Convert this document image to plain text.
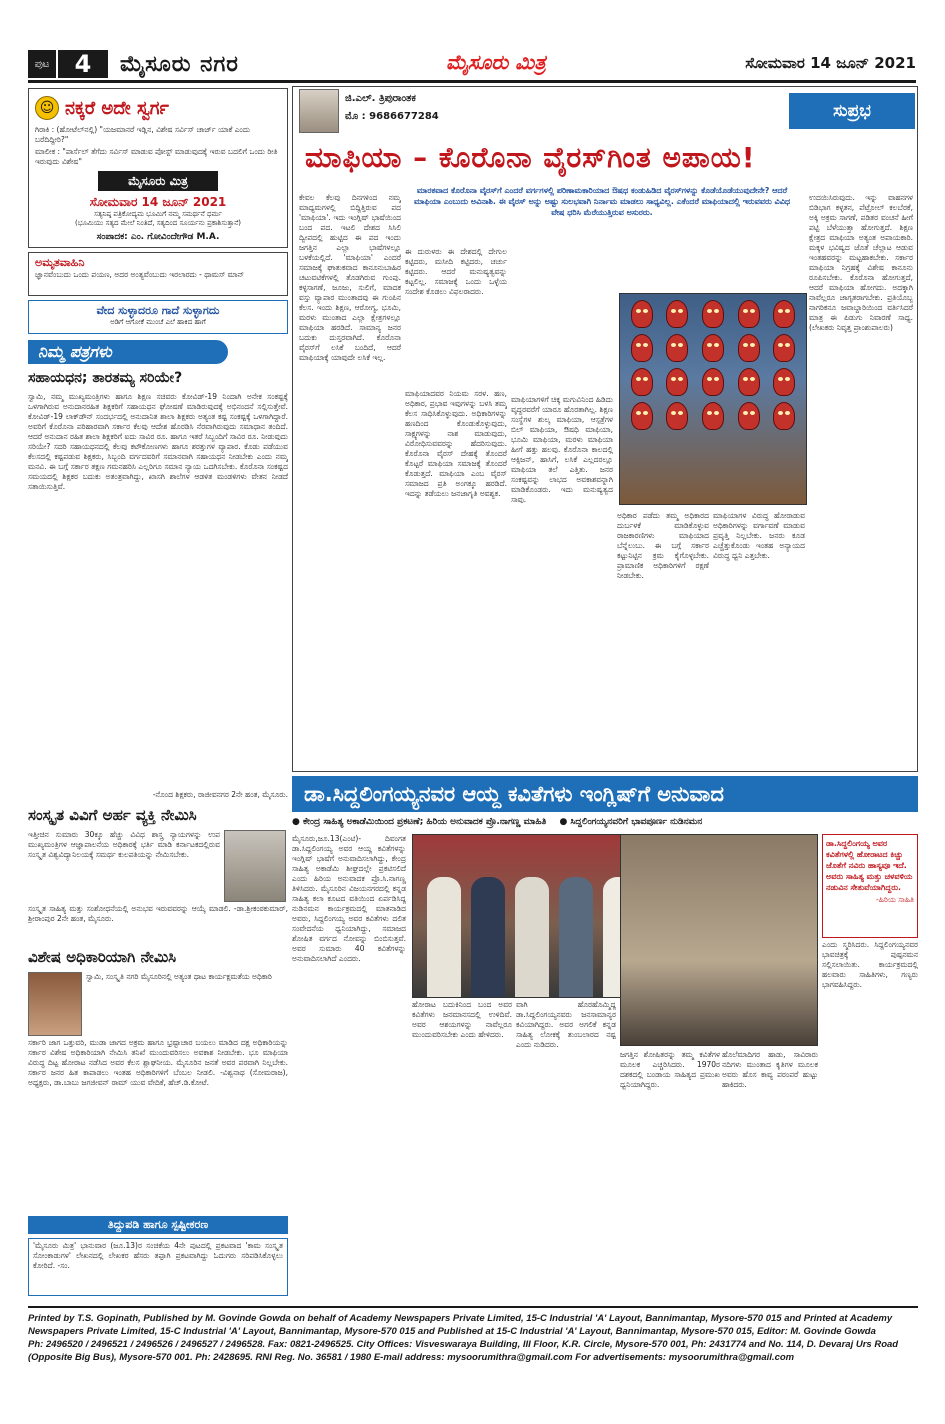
ಪುಟ	4	ಮೈಸೂರು ನಗರ	ಮೈಸೂರು ಮಿತ್ರ	ಸೋಮವಾರ 14 ಜೂನ್ 2021
☺ ನಕ್ಕರೆ ಅದೇ ಸ್ವರ್ಗ
ಗಿರಾಕಿ : (ಹೋಟೆಲ್‌ನಲ್ಲಿ) "ಯಜಮಾನರೆ ಇಡ್ಲಿನ, ವಿಶೇಷ ಸರ್ವಿಸ್ ಚಾರ್ಜ್ ಯಾಕೆ ಎಂದು ಬರೆದಿದ್ದೀರಿ?"
ಮಾಲೀಕ : "ಪಾರ್ಸೆಲ್ ತೆಗೆದು ಸರ್ವಿಸ್ ಮಾಡುವ ಪೋಸ್ಟ್ ಮಾಡುವುದಕ್ಕೆ ಇರುವ ಬದಲಿಗೆ ಒಂದು ರೀತಿ ಇರುವುದು ವಿಶೇಷ"
ಮೈಸೂರು ಮಿತ್ರ
ಸೋಮವಾರ 14 ಜೂನ್ 2021
ಸತ್ಯನಿಷ್ಠ ಪತ್ರಿಕೋದ್ಯಮ ಭೂಮಿಗೆ ನಮ್ಮ ಸಮರ್ಥನೆ ಧರ್ಮ
(ಭೂಮಿಯು ಸತ್ಯದ ಮೇಲೆ ನಿಂತಿದೆ, ಸತ್ಯದಿಂದ ಸೂರ್ಯನು ಪ್ರಕಾಶಿಸುತ್ತಾನೆ)
ಸಂಪಾದಕ: ಎಂ. ಗೋವಿಂದೇಗೌಡ M.A.
ಅಮೃತವಾಹಿನಿ
ಜ್ಞಾನವೆಂಬುದು ಒಂದು ಪಯಣ, ಅದರ ಅಂತ್ಯವೆಂಬುದು ಇರಲಾರದು - ಥಾಮಸ್ ಮಾನ್
ವೇದ ಸುಳ್ಳಾದರೂ ಗಾದೆ ಸುಳ್ಳಾಗದು
ಅಡಿಗೆ ಆಗೋಕೆ ಮುಂಚೆ ಎಲೆ ಹಾಕಿದ ಹಾಗೆ
ನಿಮ್ಮ ಪತ್ರಗಳು
ಸಹಾಯಧನ; ತಾರತಮ್ಯ ಸರಿಯೇ?
ಸ್ವಾಮಿ, ನಮ್ಮ ಮುಖ್ಯಮಂತ್ರಿಗಳು ಹಾಗೂ ಶಿಕ್ಷಣ ಸಚಿವರು ಕೋವಿಡ್-19 ನಿಂದಾಗಿ ಅನೇಕ ಸಂಕಷ್ಟಕ್ಕೆ ಒಳಗಾಗಿರುವ ಅನುದಾನರಹಿತ ಶಿಕ್ಷಕರಿಗೆ ಸಹಾಯಧನ ಘೋಷಣೆ ಮಾಡಿರುವುದಕ್ಕೆ ಅಭಿನಂದನೆ ಸಲ್ಲಿಸುತ್ತೇವೆ. ಕೋವಿಡ್-19 ಲಾಕ್‌ಡೌನ್ ಸಂದರ್ಭದಲ್ಲಿ ಅನುದಾನಿತ ಶಾಲಾ ಶಿಕ್ಷಕರು ಅತ್ಯಂತ ಕಷ್ಟ ಸಂಕಷ್ಟಕ್ಕೆ ಒಳಗಾಗಿದ್ದಾರೆ. ಅವರಿಗೆ ಕೊರೊನಾ ಪರಿಹಾರವಾಗಿ ಸರ್ಕಾರ ಕೆಲವು ಆದೇಶ ಹೊರಡಿಸಿ ನೆರವಾಗಿರುವುದು ಸಮಾಧಾನ ತಂದಿದೆ. ಆದರೆ ಅನುದಾನ ರಹಿತ ಶಾಲಾ ಶಿಕ್ಷಕರಿಗೆ ಐದು ಸಾವಿರ ರೂ. ಹಾಗೂ ಇತರೆ ಸಿಬ್ಬಂದಿಗೆ ಸಾವಿರ ರೂ. ನೀಡುವುದು ಸರಿಯೇ? ಸದರಿ ಸಹಾಯಧನದಲ್ಲಿ ಕೆಲವು ಕಟೌಕೋಣಗಳು ಹಾಗೂ ಶರತ್ತುಗಳ ವ್ಯಾಪಾರ. ಕೊಡು ಪಡೆಯುವ ಕೆಲಸದಲ್ಲಿ ಕಷ್ಟಪಡುವ ಶಿಕ್ಷಕರು, ಸಿಬ್ಬಂದಿ ವರ್ಗದವರಿಗೆ ಸಮಾನವಾಗಿ ಸಹಾಯಧನ ನೀಡಬೇಕು ಎಂದು ನಮ್ಮ ಮನವಿ. ಈ ಬಗ್ಗೆ ಸರ್ಕಾರ ತಕ್ಷಣ ಗಮನಹರಿಸಿ ಎಲ್ಲರಿಗೂ ಸಮಾನ ನ್ಯಾಯ ಒದಗಿಸಬೇಕು. ಕೊರೊನಾ ಸಂಕಷ್ಟದ ಸಮಯದಲ್ಲಿ ಶಿಕ್ಷಕರ ಬದುಕು ಅತಂತ್ರವಾಗಿದ್ದು, ಖಾಸಗಿ ಶಾಲೆಗಳ ಆಡಳಿತ ಮಂಡಳಿಗಳು ವೇತನ ನೀಡದೆ ಸತಾಯಿಸುತ್ತಿವೆ.
-ನೊಂದ ಶಿಕ್ಷಕರು, ರಾಜೀವನಗರ 2ನೇ ಹಂತ, ಮೈಸೂರು.
ಸಂಸ್ಕೃತ ವಿವಿಗೆ ಅರ್ಹ ವ್ಯಕ್ತಿ ನೇಮಿಸಿ
ಇತ್ತೀಚಿನ ಸುಮಾರು 30ಕ್ಕೂ ಹೆಚ್ಚು ವಿವಿಧ ಶಾಸ್ತ್ರ ನ್ಯಾಯಗಳನ್ನು ಉಪ ಮುಖ್ಯಮಂತ್ರಿಗಳ ಆಜ್ಞಾಪಾಲನೆಯ ಅಧಿಕಾರಕ್ಕೆ ಭರ್ತಿ ಮಾಡಿ ಕರ್ನಾಟಕದಲ್ಲಿರುವ ಸಂಸ್ಕೃತ ವಿಶ್ವವಿದ್ಯಾನಿಲಯಕ್ಕೆ ಸಮರ್ಥ ಕುಲಪತಿಯನ್ನು ನೇಮಿಸಬೇಕು.
ಸಂಸ್ಕೃತ ಸಾಹಿತ್ಯ ಮತ್ತು ಸಂಶೋಧನೆಯಲ್ಲಿ ಅನುಭವ ಇರುವವರನ್ನು ಆಯ್ಕೆ ಮಾಡಲಿ. -ಡಾ.ಶ್ರೀಕಂಠಕುಮಾರ್, ಶ್ರೀರಾಂಪುರ 2ನೇ ಹಂತ, ಮೈಸೂರು.
ವಿಶೇಷ ಅಧಿಕಾರಿಯಾಗಿ ನೇಮಿಸಿ
ಸ್ವಾಮಿ, ಸಂಸ್ಕೃತಿ ನಗರಿ ಮೈಸೂರಿನಲ್ಲಿ ಅತ್ಯಂತ ಧಾಟ ಕಾರ್ಯಕ್ಷಮತೆಯ ಅಧಿಕಾರಿ
ಸರ್ಕಾರಿ ಜಾಗ ಒತ್ತುವರಿ, ಮುಡಾ ಜಾಗದ ಅಕ್ರಮ ಹಾಗೂ ಭ್ರಷ್ಟಾಚಾರ ಬಯಲು ಮಾಡಿದ ದಕ್ಷ ಅಧಿಕಾರಿಯನ್ನು ಸರ್ಕಾರ ವಿಶೇಷ ಅಧಿಕಾರಿಯಾಗಿ ನೇಮಿಸಿ ತನಿಖೆ ಮುಂದುವರಿಸಲು ಅವಕಾಶ ನೀಡಬೇಕು. ಭೂ ಮಾಫಿಯಾ ವಿರುದ್ಧ ದಿಟ್ಟ ಹೋರಾಟ ನಡೆಸಿದ ಅವರ ಕೆಲಸ ಶ್ಲಾಘನೀಯ. ಮೈಸೂರಿನ ಜನತೆ ಅವರ ಪರವಾಗಿ ನಿಲ್ಲಬೇಕು. ಸರ್ಕಾರ ಜನರ ಹಿತ ಕಾಪಾಡಲು ಇಂತಹ ಅಧಿಕಾರಿಗಳಿಗೆ ಬೆಂಬಲ ನೀಡಲಿ. -ವಿಶ್ವನಾಥ (ಸೋಮರಾಜ), ಅಧ್ಯಕ್ಷರು, ಡಾ.ಬಾಬು ಜಗಜೀವನ್ ರಾಮ್ ಯುವ ವೇದಿಕೆ, ಹೆಚ್.ಡಿ.ಕೋಟೆ.
ತಿದ್ದುಪಡಿ ಹಾಗೂ ಸ್ಪಷ್ಟೀಕರಣ
'ಮೈಸೂರು ಮಿತ್ರ' ಭಾನುವಾರ (ಜೂ.13)ರ ಸಂಚಿಕೆಯ 4ನೇ ಪುಟದಲ್ಲಿ ಪ್ರಕಟವಾದ 'ಕಾಮ ಸಂಸ್ಕೃತ ಸೋಂಕಾಡುಗಳ' ಲೇಖನದಲ್ಲಿ ಲೇಖಕರ ಹೆಸರು ತಪ್ಪಾಗಿ ಪ್ರಕಟವಾಗಿದ್ದು ಓದುಗರು ಸರಿಪಡಿಸಿಕೊಳ್ಳಲು ಕೋರಿದೆ. -ಸಂ.
ಜಿ.ಎಲ್. ತ್ರಿಪುರಾಂತಕ
ಮೊ : 9686677284	ಸುಪ್ರಭ
ಮಾಫಿಯಾ – ಕೊರೊನಾ ವೈರಸ್‌ಗಿಂತ ಅಪಾಯ!
ಮಾರಕವಾದ ಕೊರೊನಾ ವೈರಸ್‌ಗೆ ಎಂದರೆ ವರ್ಗಗಳಲ್ಲಿ ಪರಿಣಾಮಕಾರಿಯಾದ ಔಷಧ ಕಂಡುಹಿಡಿದ ವೈರಸ್‌ಗಳನ್ನು ಕೊಡೆಯೊಡೆಯುವುದೇನೇ? ಆದರೆ ಮಾಫಿಯಾ ಎಂಬುದು ಅವಿನಾಶಿ. ಈ ವೈರಸ್ ಅನ್ನು ಅಷ್ಟು ಸುಲಭವಾಗಿ ನಿರ್ನಾಮ ಮಾಡಲು ಸಾಧ್ಯವಿಲ್ಲ. ಎಕೆಂದರೆ ಮಾಫಿಯಾದಲ್ಲಿ ಇರುವವರು ವಿವಿಧ ವೇಷ ಧರಿಸಿ ಮೆರೆಯುತ್ತಿರುವ ಅಸುರರು.
ಕೇವಲ ಕೆಲವು ದಿನಗಳಿಂದ ನಮ್ಮ ಮಾಧ್ಯಮಗಳಲ್ಲಿ ಬಿದ್ದಿತ್ತಿರುವ ಪದ 'ಮಾಫಿಯಾ'. ಇದು ಇಂಗ್ಲಿಷ್ ಭಾಷೆಯಿಂದ ಬಂದ ಪದ. ಇಟಲಿ ದೇಶದ ಸಿಸಿಲಿ ದ್ವೀಪದಲ್ಲಿ ಹುಟ್ಟಿದ ಈ ಪದ ಇಂದು ಜಗತ್ತಿನ ಎಲ್ಲಾ ಭಾಷೆಗಳಲ್ಲೂ ಬಳಕೆಯಲ್ಲಿದೆ. 'ಮಾಫಿಯಾ' ಎಂದರೆ ಸಮಾಜಕ್ಕೆ ಘಾತುಕವಾದ ಕಾನೂನುಬಾಹಿರ ಚಟುವಟಿಕೆಗಳಲ್ಲಿ ತೊಡಗಿರುವ ಗುಂಪು. ಕಳ್ಳಸಾಗಣೆ, ಜೂಜು, ಸುಲಿಗೆ, ಮಾದಕ ವಸ್ತು ವ್ಯಾಪಾರ ಮುಂತಾದವು ಈ ಗುಂಪಿನ ಕೆಲಸ. ಇಂದು ಶಿಕ್ಷಣ, ಆರೋಗ್ಯ, ಭೂಮಿ, ಮರಳು ಮುಂತಾದ ಎಲ್ಲಾ ಕ್ಷೇತ್ರಗಳಲ್ಲೂ ಮಾಫಿಯಾ ಹರಡಿದೆ. ಸಾಮಾನ್ಯ ಜನರ ಬದುಕು ದುಸ್ತರವಾಗಿದೆ. ಕೊರೊನಾ ವೈರಸ್‌ಗೆ ಲಸಿಕೆ ಬಂದಿದೆ, ಆದರೆ ಮಾಫಿಯಾಕ್ಕೆ ಯಾವುದೇ ಲಸಿಕೆ ಇಲ್ಲ.
ಈ ದುರುಳರು ಈ ದೇಶದಲ್ಲಿ ದೇಗುಲ ಕಟ್ಟಿದರು, ಮಸೀದಿ ಕಟ್ಟಿದರು, ಚರ್ಚು ಕಟ್ಟಿದರು. ಆದರೆ ಮನುಷ್ಯತ್ವವನ್ನು ಕಟ್ಟಲಿಲ್ಲ. ಸಮಾಜಕ್ಕೆ ಒಂದು ಒಳ್ಳೆಯ ಸಂದೇಶ ಕೊಡಲು ವಿಫಲರಾದರು.
ಮಾಫಿಯಾದವರ ನಿಯಮ ಸರಳ. ಹಣ, ಅಧಿಕಾರ, ಪ್ರಭಾವ ಇವುಗಳನ್ನು ಬಳಸಿ ತಮ್ಮ ಕೆಲಸ ಸಾಧಿಸಿಕೊಳ್ಳುವುದು. ಅಧಿಕಾರಿಗಳನ್ನು ಹಣದಿಂದ ಕೊಂಡುಕೊಳ್ಳುವುದು, ಸಾಕ್ಷ್ಯಗಳನ್ನು ನಾಶ ಮಾಡುವುದು, ವಿರೋಧಿಸುವವರನ್ನು ಹೆದರಿಸುವುದು. ಕೊರೊನಾ ವೈರಸ್ ದೇಹಕ್ಕೆ ತೊಂದರೆ ಕೊಟ್ಟರೆ ಮಾಫಿಯಾ ಸಮಾಜಕ್ಕೆ ತೊಂದರೆ ಕೊಡುತ್ತದೆ. ಮಾಫಿಯಾ ಎಂಬ ವೈರಸ್ ಸಮಾಜದ ಪ್ರತಿ ಅಂಗಕ್ಕೂ ಹರಡಿದೆ. ಇದನ್ನು ತಡೆಯಲು ಜನಜಾಗೃತಿ ಅವಶ್ಯಕ.
ಮಾಫಿಯಾಗಳಿಗೆ ಚಿಕ್ಕ ಮಗುವಿನಿಂದ ಹಿಡಿದು ವೃದ್ಧರವರೆಗೆ ಯಾರೂ ಹೊರತಾಗಿಲ್ಲ. ಶಿಕ್ಷಣ ಸಂಸ್ಥೆಗಳ ಶುಲ್ಕ ಮಾಫಿಯಾ, ಆಸ್ಪತ್ರೆಗಳ ಬಿಲ್ ಮಾಫಿಯಾ, ಔಷಧಿ ಮಾಫಿಯಾ, ಭೂಮಿ ಮಾಫಿಯಾ, ಮರಳು ಮಾಫಿಯಾ ಹೀಗೆ ಹತ್ತು ಹಲವು. ಕೊರೊನಾ ಕಾಲದಲ್ಲಿ ಆಕ್ಸಿಜನ್, ಹಾಸಿಗೆ, ಲಸಿಕೆ ಎಲ್ಲದರಲ್ಲೂ ಮಾಫಿಯಾ ತಲೆ ಎತ್ತಿತು. ಜನರ ಸಂಕಷ್ಟವನ್ನು ಲಾಭದ ಅವಕಾಶವನ್ನಾಗಿ ಮಾಡಿಕೊಂಡರು. ಇದು ಮನುಷ್ಯತ್ವದ ಸಾವು.
ಅಧಿಕಾರ ಪಡೆದು ತಮ್ಮ ಅಧಿಕಾರದ ದುರ್ಬಳಕೆ ಮಾಡಿಕೊಳ್ಳುವ ರಾಜಕಾರಣಿಗಳು ಮಾಫಿಯಾದ ಬೆನ್ನೆಲುಬು. ಈ ಬಗ್ಗೆ ಸರ್ಕಾರ ಕಟ್ಟುನಿಟ್ಟಿನ ಕ್ರಮ ಕೈಗೊಳ್ಳಬೇಕು. ಪ್ರಾಮಾಣಿಕ ಅಧಿಕಾರಿಗಳಿಗೆ ರಕ್ಷಣೆ ನೀಡಬೇಕು.
ಮಾಫಿಯಾಗಳ ವಿರುದ್ಧ ಹೋರಾಡುವ ಅಧಿಕಾರಿಗಳನ್ನು ವರ್ಗಾವಣೆ ಮಾಡುವ ಪ್ರವೃತ್ತಿ ನಿಲ್ಲಬೇಕು. ಜನರು ಕೂಡ ಎಚ್ಚೆತ್ತುಕೊಂಡು ಇಂತಹ ಅನ್ಯಾಯದ ವಿರುದ್ಧ ಧ್ವನಿ ಎತ್ತಬೇಕು.
ಉದಯಿಸಿರುವುದು. ಇನ್ನು ವಾಹನಗಳ ಬಿಡಿಭಾಗ ಕಳ್ಳತನ, ಪೆಟ್ರೋಲ್ ಕಲಬೆರಕೆ, ಅಕ್ಕಿ ಅಕ್ರಮ ಸಾಗಣೆ, ಪಡಿತರ ವಂಚನೆ ಹೀಗೆ ಪಟ್ಟಿ ಬೆಳೆಯುತ್ತಾ ಹೋಗುತ್ತದೆ. ಶಿಕ್ಷಣ ಕ್ಷೇತ್ರದ ಮಾಫಿಯಾ ಅತ್ಯಂತ ಅಪಾಯಕಾರಿ. ಮಕ್ಕಳ ಭವಿಷ್ಯದ ಜೊತೆ ಚೆಲ್ಲಾಟ ಆಡುವ ಇಂತಹವರನ್ನು ಮಟ್ಟಹಾಕಬೇಕು. ಸರ್ಕಾರ ಮಾಫಿಯಾ ನಿಗ್ರಹಕ್ಕೆ ವಿಶೇಷ ಕಾನೂನು ರೂಪಿಸಬೇಕು. ಕೊರೊನಾ ಹೋಗುತ್ತದೆ, ಆದರೆ ಮಾಫಿಯಾ ಹೋಗದು. ಅದಕ್ಕಾಗಿ ನಾವೆಲ್ಲರೂ ಜಾಗೃತರಾಗಬೇಕು. ಪ್ರತಿಯೊಬ್ಬ ನಾಗರಿಕನೂ ಜವಾಬ್ದಾರಿಯಿಂದ ವರ್ತಿಸಿದರೆ ಮಾತ್ರ ಈ ಪಿಡುಗು ನಿವಾರಣೆ ಸಾಧ್ಯ. (ಲೇಖಕರು ನಿವೃತ್ತ ಪ್ರಾಂಶುಪಾಲರು)
ಡಾ.ಸಿದ್ದಲಿಂಗಯ್ಯನವರ ಆಯ್ದ ಕವಿತೆಗಳು ಇಂಗ್ಲಿಷ್‌ಗೆ ಅನುವಾದ
● ಕೇಂದ್ರ ಸಾಹಿತ್ಯ ಅಕಾಡೆಮಿಯಿಂದ ಪ್ರಕಟಣೆ; ಹಿರಿಯ ಅನುವಾದಕ ಪ್ರೊ.ನಾಗಣ್ಣ ಮಾಹಿತಿ ● ಸಿದ್ದಲಿಂಗಯ್ಯನವರಿಗೆ ಭಾವಪೂರ್ಣ ನುಡಿನಮನ
ಮೈಸೂರು,ಜೂ.13(ಎಂಟಿ)- ದಿವಂಗತ ಡಾ.ಸಿದ್ದಲಿಂಗಯ್ಯ ಅವರ ಆಯ್ದ ಕವಿತೆಗಳನ್ನು ಇಂಗ್ಲಿಷ್ ಭಾಷೆಗೆ ಅನುವಾದಿಸಲಾಗಿದ್ದು, ಕೇಂದ್ರ ಸಾಹಿತ್ಯ ಅಕಾಡೆಮಿ ಶೀಘ್ರದಲ್ಲೇ ಪ್ರಕಟಿಸಲಿದೆ ಎಂದು ಹಿರಿಯ ಅನುವಾದಕ ಪ್ರೊ.ಸಿ.ನಾಗಣ್ಣ ತಿಳಿಸಿದರು. ಮೈಸೂರಿನ ವಿಜಯನಗರದಲ್ಲಿ ಕನ್ನಡ ಸಾಹಿತ್ಯ ಕಲಾ ಕೂಟದ ವತಿಯಿಂದ ಏರ್ಪಡಿಸಿದ್ದ ನುಡಿನಮನ ಕಾರ್ಯಕ್ರಮದಲ್ಲಿ ಮಾತನಾಡಿದ ಅವರು, ಸಿದ್ದಲಿಂಗಯ್ಯ ಅವರ ಕವಿತೆಗಳು ದಲಿತ ಸಂವೇದನೆಯ ಧ್ವನಿಯಾಗಿದ್ದು, ಸಮಾಜದ ಶೋಷಿತ ವರ್ಗದ ನೋವನ್ನು ಬಿಂಬಿಸುತ್ತವೆ. ಅವರ ಸುಮಾರು 40 ಕವಿತೆಗಳನ್ನು ಅನುವಾದಿಸಲಾಗಿದೆ ಎಂದರು.
ಡಾ.ಸಿದ್ದಲಿಂಗಯ್ಯ ಅವರ ಕವಿತೆಗಳಲ್ಲಿ ಹೋರಾಟದ ಕಿಚ್ಚು ಜೊತೆಗೆ ನವಿರು ಹಾಸ್ಯವೂ ಇದೆ. ಅವರು ಸಾಹಿತ್ಯ ಮತ್ತು ಚಳವಳಿಯ ನಡುವಿನ ಸೇತುವೆಯಾಗಿದ್ದರು.
-ಹಿರಿಯ ಸಾಹಿತಿ
ಹೋರಾಟ ಬದುಕಿನಿಂದ ಬಂದ ಅವರ ಕವಿತೆಗಳು ಜನಮಾನಸದಲ್ಲಿ ಉಳಿದಿವೆ. ಅವರ ಆಶಯಗಳನ್ನು ನಾವೆಲ್ಲರೂ ಮುಂದುವರಿಸಬೇಕು ಎಂದು ಹೇಳಿದರು.
ವಾಗಿ ಹೊರಹೊಮ್ಮಿದ್ದ ಡಾ.ಸಿದ್ದಲಿಂಗಯ್ಯನವರು ಜನಸಾಮಾನ್ಯರ ಕವಿಯಾಗಿದ್ದರು. ಅವರ ಅಗಲಿಕೆ ಕನ್ನಡ ಸಾಹಿತ್ಯ ಲೋಕಕ್ಕೆ ತುಂಬಲಾರದ ನಷ್ಟ ಎಂದು ನುಡಿದರು.
ಜಗತ್ತಿನ ಶೋಷಿತರನ್ನು ತಮ್ಮ ಕವಿತೆಗಳ ಮೂಲಕ ಎಚ್ಚರಿಸಿದರು. 1970ರ ದಶಕದಲ್ಲಿ ಬಂಡಾಯ ಸಾಹಿತ್ಯದ ಪ್ರಮುಖ ಧ್ವನಿಯಾಗಿದ್ದರು.
ಹೊಲೆಮಾದಿಗರ ಹಾಡು, ಸಾವಿರಾರು ನದಿಗಳು ಮುಂತಾದ ಕೃತಿಗಳ ಮೂಲಕ ಅವರು ಹೊಸ ಕಾವ್ಯ ಪರಂಪರೆ ಹುಟ್ಟು ಹಾಕಿದರು.
ಎಂದು ಸ್ಮರಿಸಿದರು. ಸಿದ್ದಲಿಂಗಯ್ಯನವರ ಭಾವಚಿತ್ರಕ್ಕೆ ಪುಷ್ಪನಮನ ಸಲ್ಲಿಸಲಾಯಿತು. ಕಾರ್ಯಕ್ರಮದಲ್ಲಿ ಹಲವಾರು ಸಾಹಿತಿಗಳು, ಗಣ್ಯರು ಭಾಗವಹಿಸಿದ್ದರು.
Printed by T.S. Gopinath, Published by M. Govinde Gowda on behalf of Academy Newspapers Private Limited, 15-C Industrial 'A' Layout, Bannimantap, Mysore-570 015 and Printed at Academy
Newspapers Private Limited, 15-C Industrial 'A' Layout, Bannimantap, Mysore-570 015 and Published at 15-C Industrial 'A' Layout, Bannimantap, Mysore-570 015, Editor: M. Govinde Gowda
Ph: 2496520 / 2496521 / 2496526 / 2496527 / 2496528. Fax: 0821-2496525. City Offices: Visveswaraya Building, III Floor, K.R. Circle, Mysore-570 001, Ph: 2431774 and No. 114, D. Devaraj Urs Road
(Opposite Big Bus), Mysore-570 001. Ph: 2428695. RNI Reg. No. 36581 / 1980 E-mail address: mysoorumithra@gmail.com For advertisements: mysoorumithra@gmail.com
